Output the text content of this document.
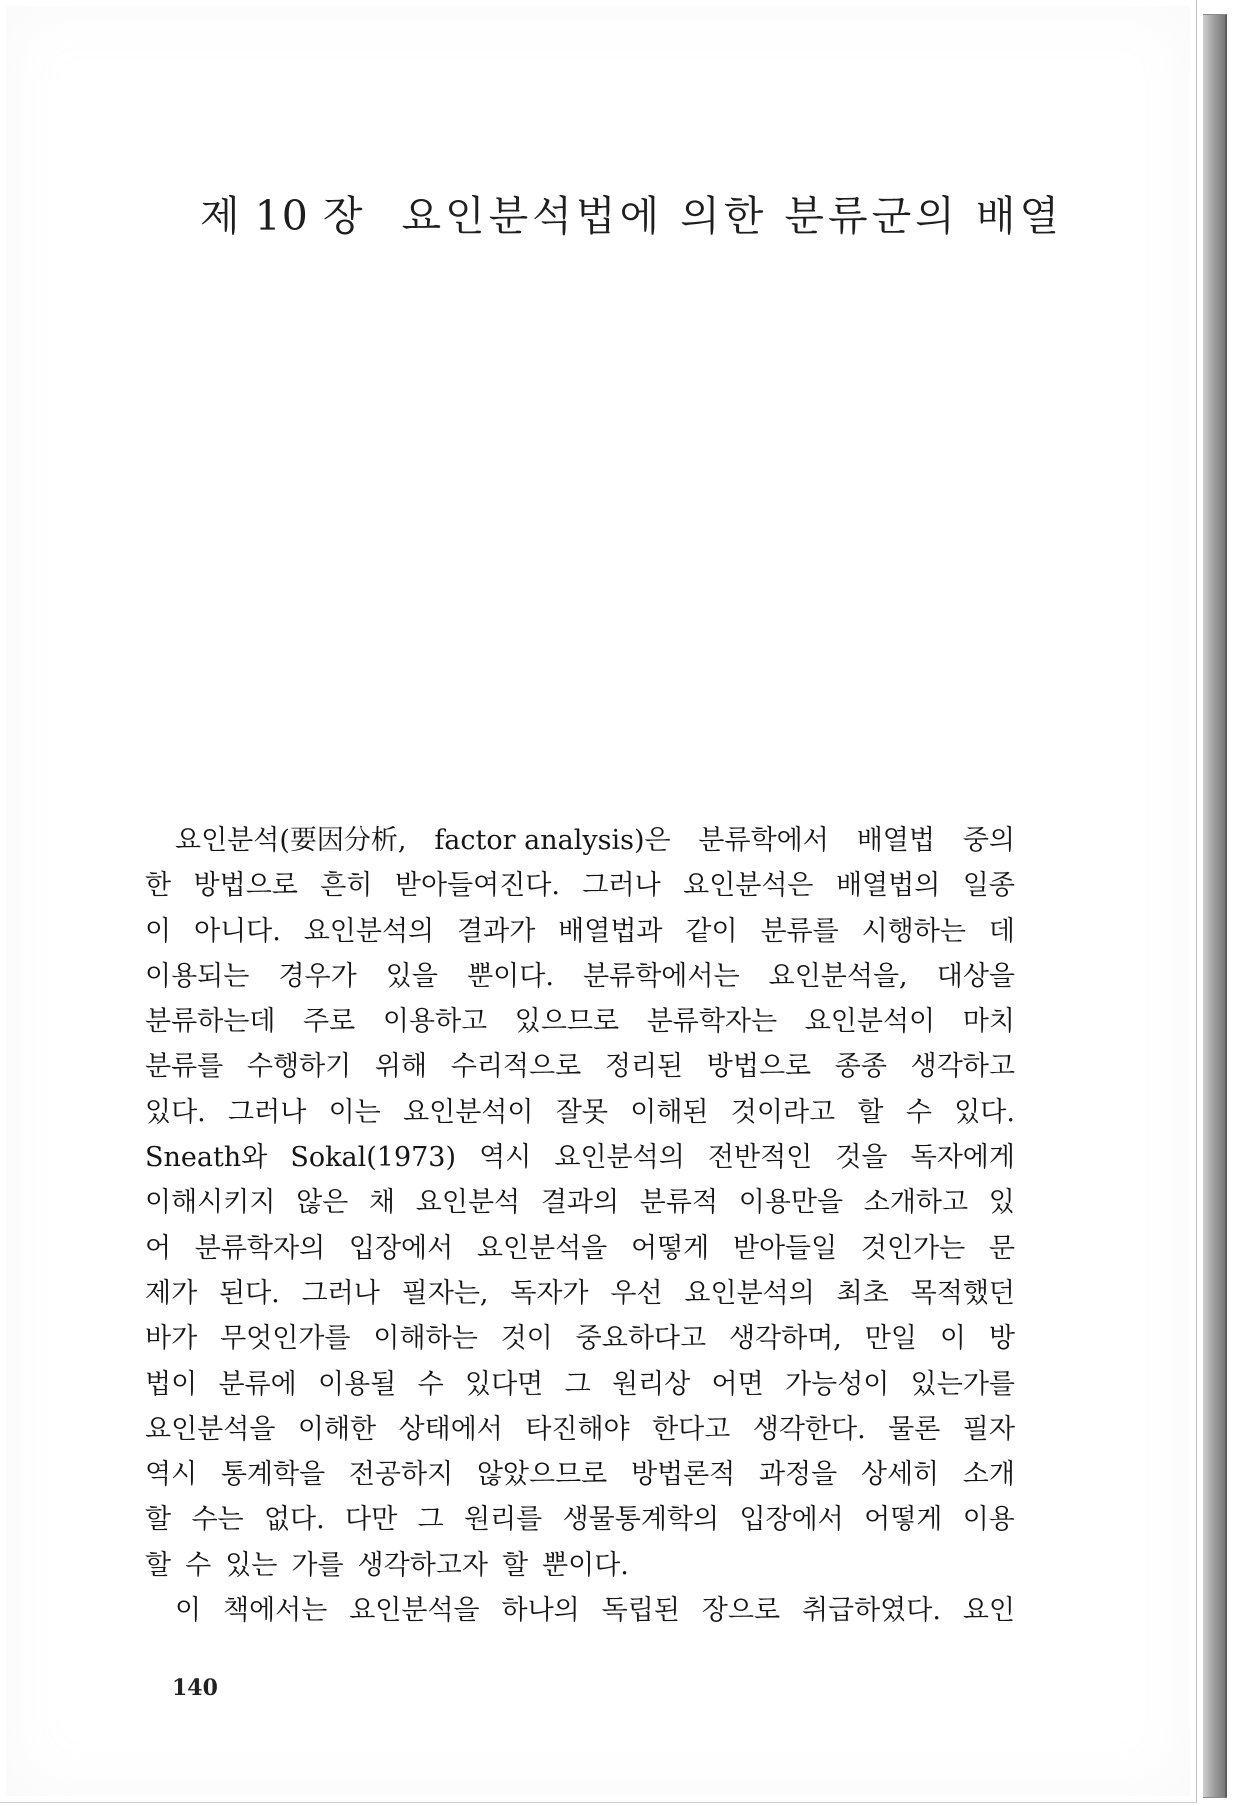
제 10 장 요인분석법에 의한 분류군의 배열
요인분석(要因分析, factor analysis)은 분류학에서 배열법 중의
한 방법으로 흔히 받아들여진다. 그러나 요인분석은 배열법의 일종
이 아니다. 요인분석의 결과가 배열법과 같이 분류를 시행하는 데
이용되는 경우가 있을 뿐이다. 분류학에서는 요인분석을, 대상을
분류하는데 주로 이용하고 있으므로 분류학자는 요인분석이 마치
분류를 수행하기 위해 수리적으로 정리된 방법으로 종종 생각하고
있다. 그러나 이는 요인분석이 잘못 이해된 것이라고 할 수 있다.
Sneath와 Sokal(1973) 역시 요인분석의 전반적인 것을 독자에게
이해시키지 않은 채 요인분석 결과의 분류적 이용만을 소개하고 있
어 분류학자의 입장에서 요인분석을 어떻게 받아들일 것인가는 문
제가 된다. 그러나 필자는, 독자가 우선 요인분석의 최초 목적했던
바가 무엇인가를 이해하는 것이 중요하다고 생각하며, 만일 이 방
법이 분류에 이용될 수 있다면 그 원리상 어면 가능성이 있는가를
요인분석을 이해한 상태에서 타진해야 한다고 생각한다. 물론 필자
역시 통계학을 전공하지 않았으므로 방법론적 과정을 상세히 소개
할 수는 없다. 다만 그 원리를 생물통계학의 입장에서 어떻게 이용
할 수 있는 가를 생각하고자 할 뿐이다.
이 책에서는 요인분석을 하나의 독립된 장으로 취급하였다. 요인
140
